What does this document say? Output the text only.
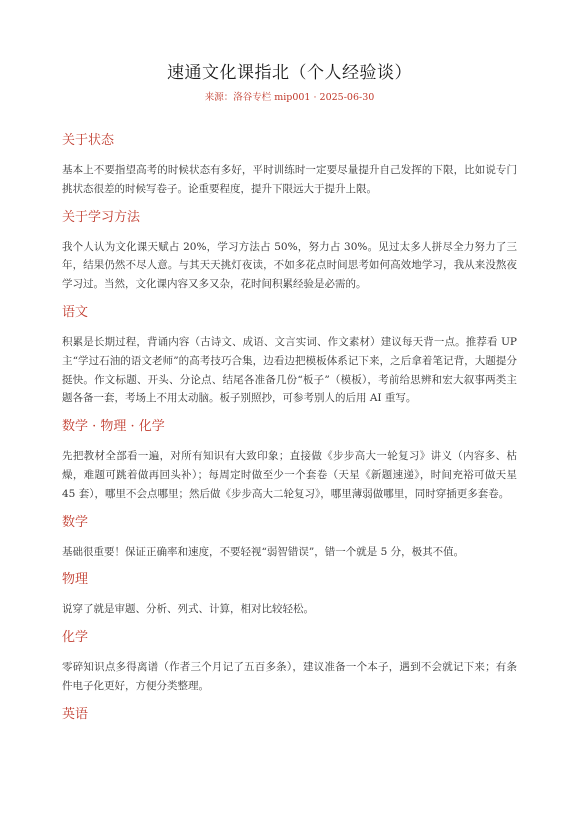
速通文化课指北（个人经验谈）
来源：洛谷专栏 mip001 · 2025-06-30
关于状态

基本上不要指望高考的时候状态有多好，平时训练时一定要尽量提升自己发挥的下限，比如说专门挑状态很差的时候写卷子。论重要程度，提升下限远大于提升上限。

关于学习方法

我个人认为文化课天赋占 20%，学习方法占 50%，努力占 30%。见过太多人拼尽全力努力了三年，结果仍然不尽人意。与其天天挑灯夜读，不如多花点时间思考如何高效地学习，我从来没熬夜学习过。当然，文化课内容又多又杂，花时间积累经验是必需的。

语文

积累是长期过程，背诵内容（古诗文、成语、文言实词、作文素材）建议每天背一点。推荐看 UP 主“学过石油的语文老师”的高考技巧合集，边看边把模板体系记下来，之后拿着笔记背，大题提分挺快。作文标题、开头、分论点、结尾各准备几份“板子”（模板），考前给思辨和宏大叙事两类主题各备一套，考场上不用太动脑。板子别照抄，可参考别人的后用 AI 重写。

数学 · 物理 · 化学

先把教材全部看一遍，对所有知识有大致印象；直接做《步步高大一轮复习》讲义（内容多、枯燥，难题可跳着做再回头补）；每周定时做至少一个套卷（天星《新题速递》，时间充裕可做天星 45 套），哪里不会点哪里；然后做《步步高大二轮复习》，哪里薄弱做哪里，同时穿插更多套卷。

数学

基础很重要！保证正确率和速度，不要轻视“弱智错误”，错一个就是 5 分，极其不值。

物理

说穿了就是审题、分析、列式、计算，相对比较轻松。

化学

零碎知识点多得离谱（作者三个月记了五百多条），建议准备一个本子，遇到不会就记下来；有条件电子化更好，方便分类整理。

英语
